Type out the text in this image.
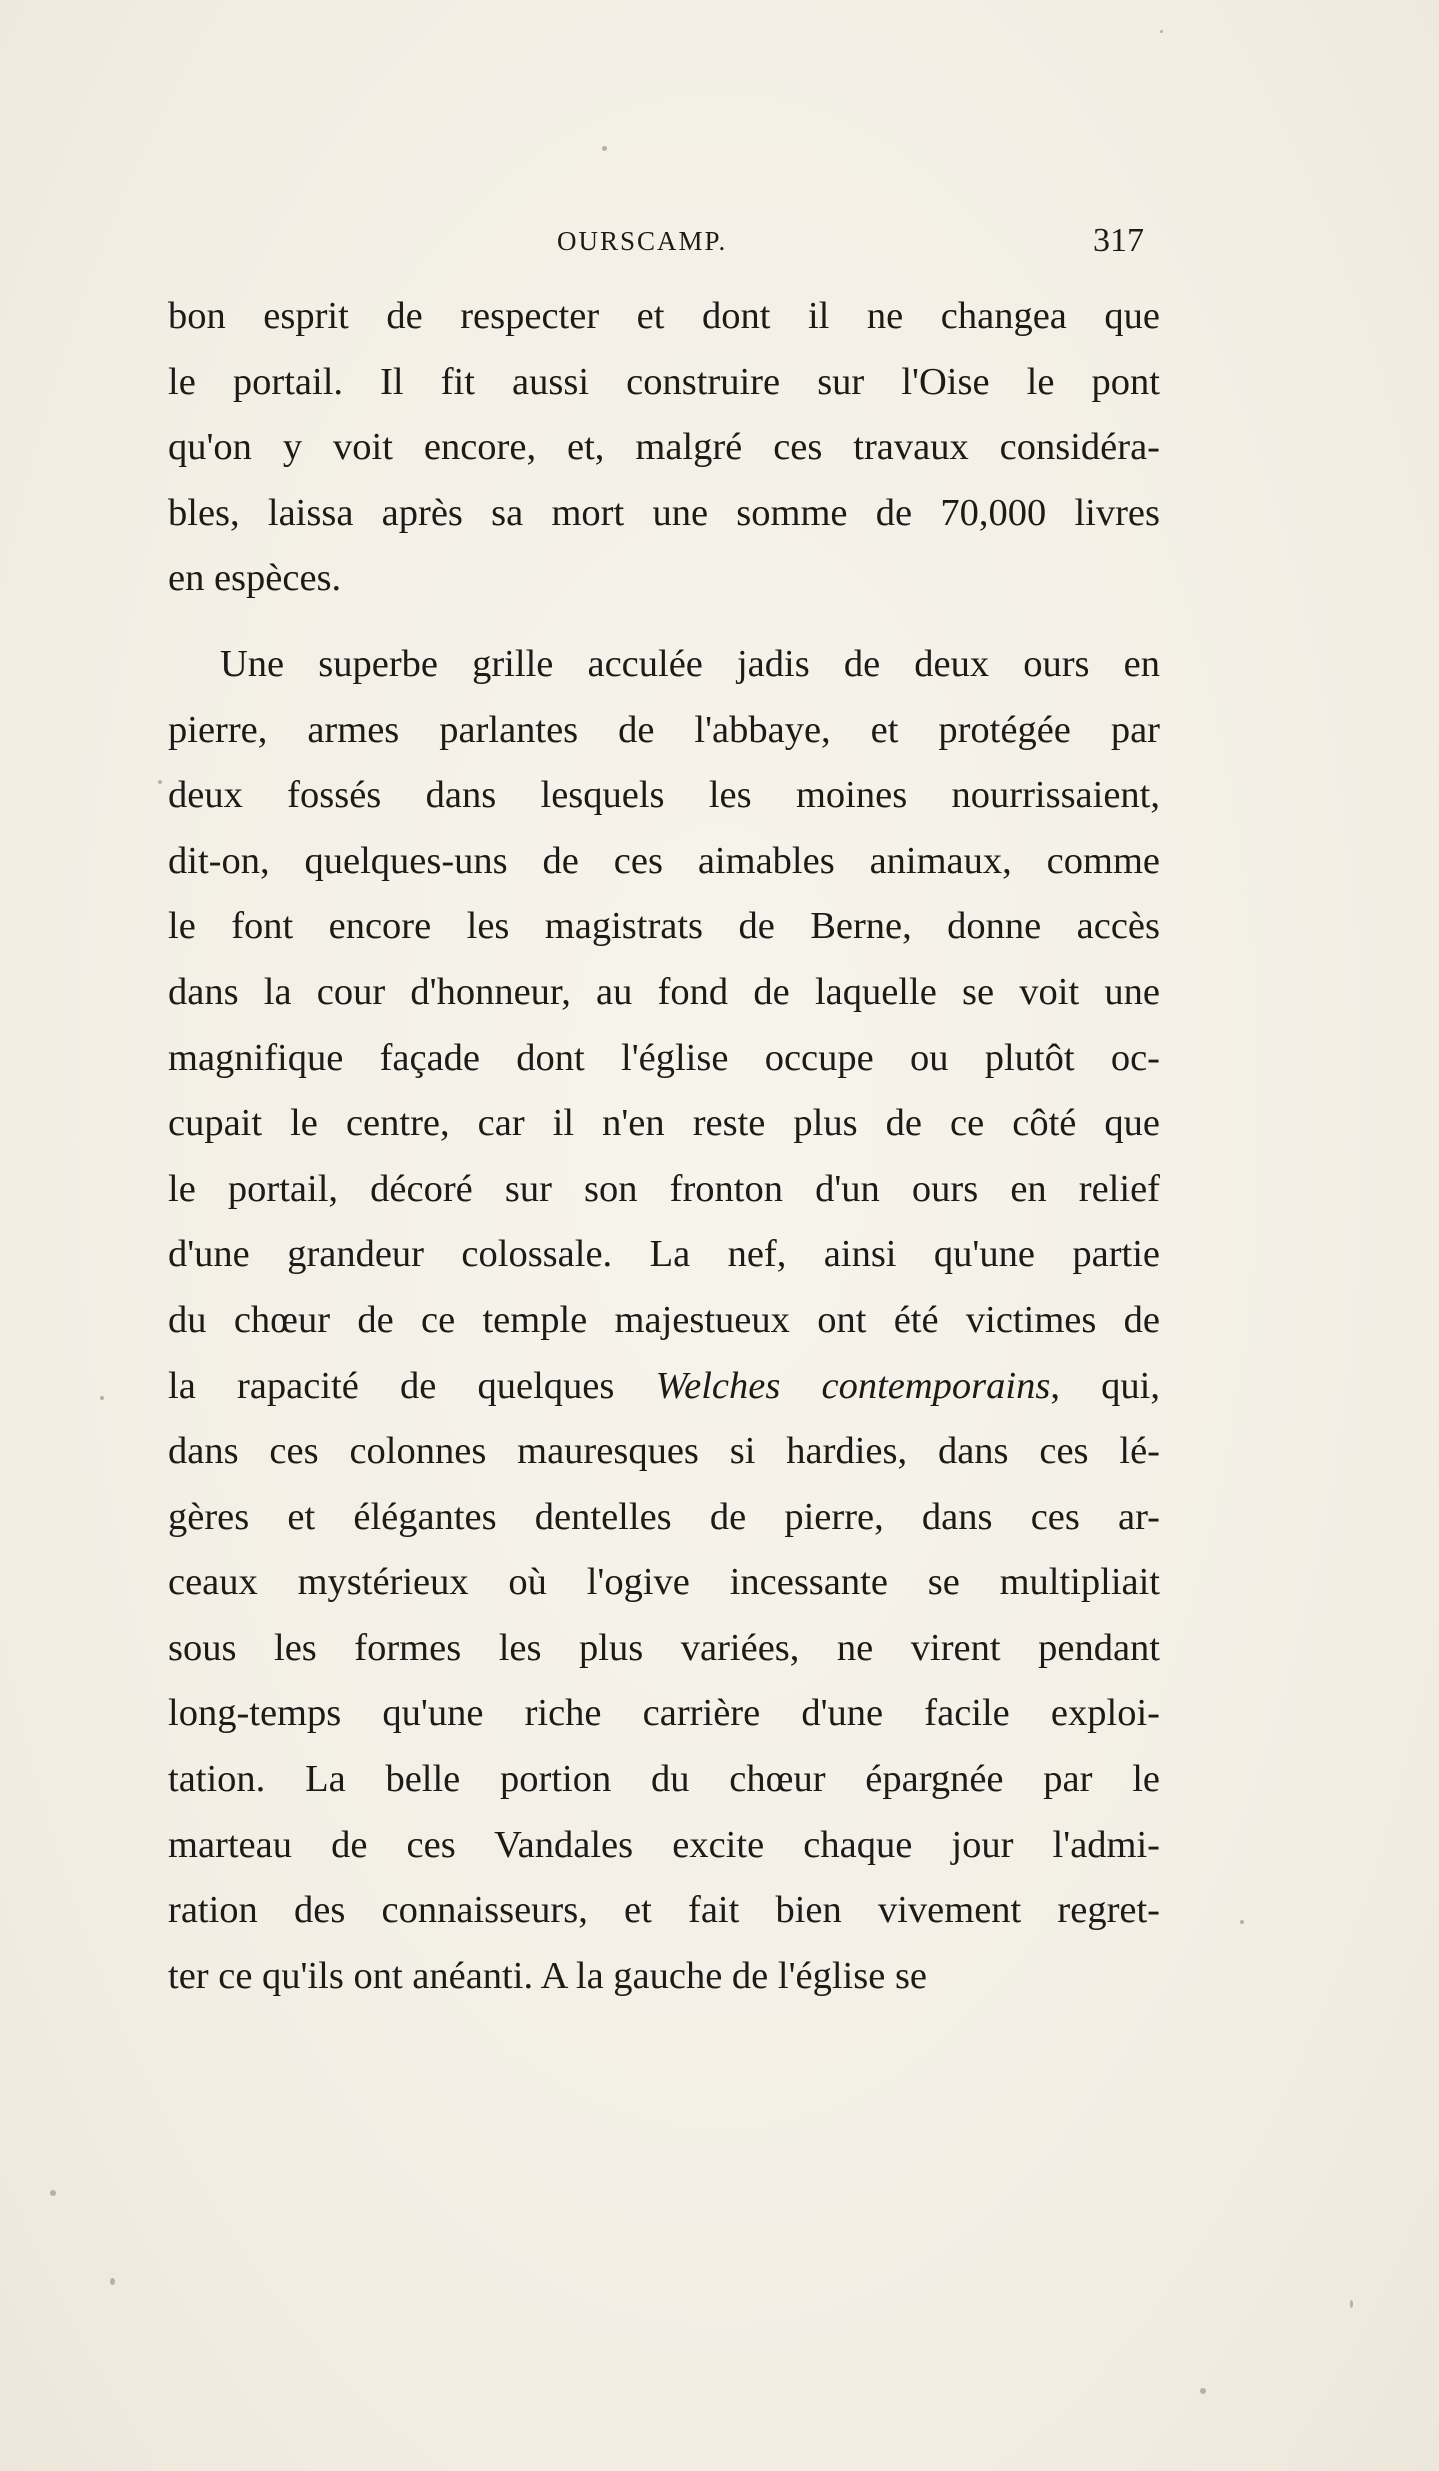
OURSCAMP.	317
bon esprit de respecter et dont il ne changea que
le portail. Il fit aussi construire sur l'Oise le pont
qu'on y voit encore, et, malgré ces travaux considéra-
bles, laissa après sa mort une somme de 70,000 livres
en espèces.
Une superbe grille acculée jadis de deux ours en
pierre, armes parlantes de l'abbaye, et protégée par
deux fossés dans lesquels les moines nourrissaient,
dit-on, quelques-uns de ces aimables animaux, comme
le font encore les magistrats de Berne, donne accès
dans la cour d'honneur, au fond de laquelle se voit une
magnifique façade dont l'église occupe ou plutôt oc-
cupait le centre, car il n'en reste plus de ce côté que
le portail, décoré sur son fronton d'un ours en relief
d'une grandeur colossale. La nef, ainsi qu'une partie
du chœur de ce temple majestueux ont été victimes de
la rapacité de quelques Welches contemporains, qui,
dans ces colonnes mauresques si hardies, dans ces lé-
gères et élégantes dentelles de pierre, dans ces ar-
ceaux mystérieux où l'ogive incessante se multipliait
sous les formes les plus variées, ne virent pendant
long-temps qu'une riche carrière d'une facile exploi-
tation. La belle portion du chœur épargnée par le
marteau de ces Vandales excite chaque jour l'admi-
ration des connaisseurs, et fait bien vivement regret-
ter ce qu'ils ont anéanti. A la gauche de l'église se
